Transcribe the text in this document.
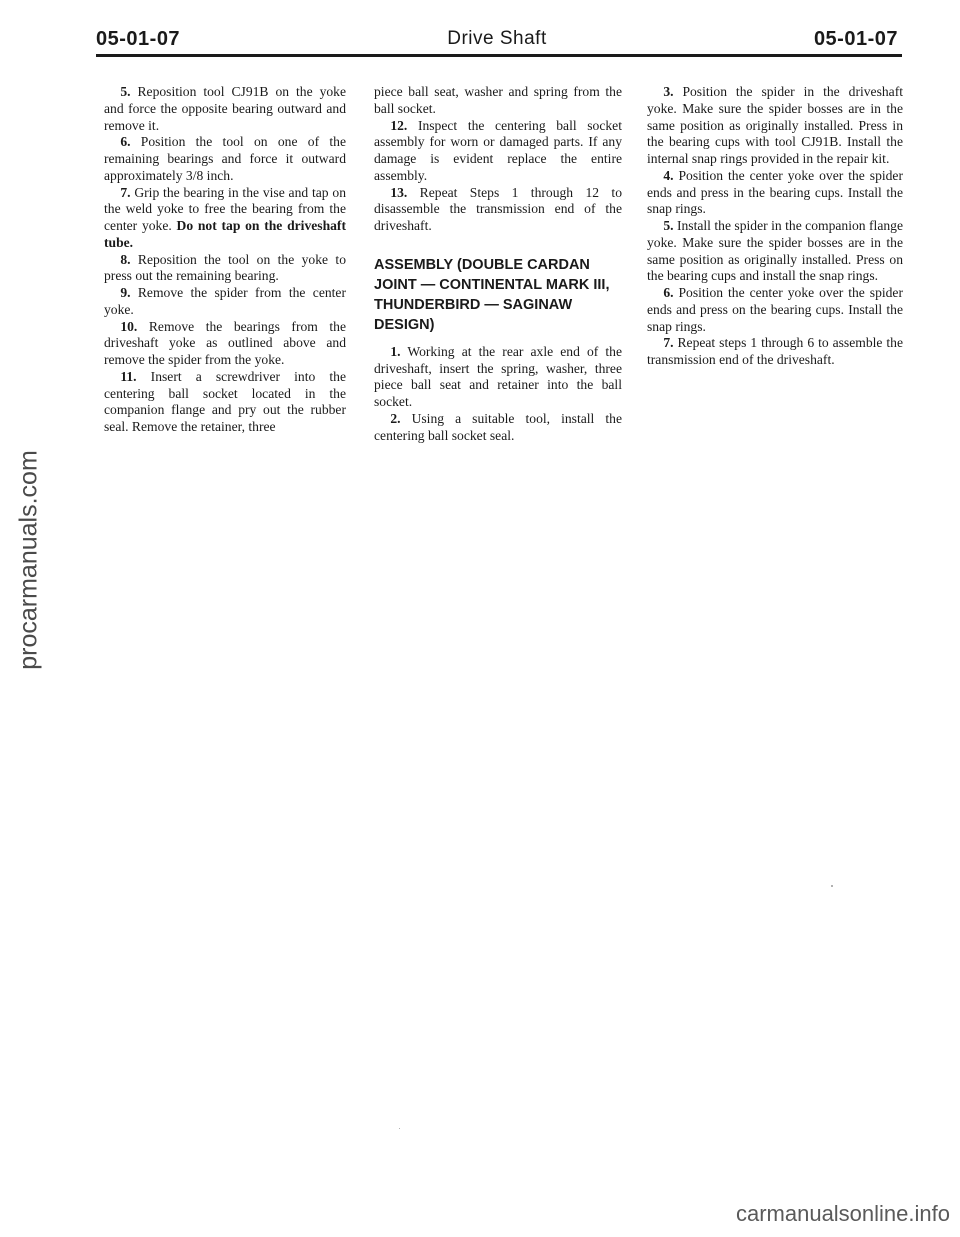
05-01-07	Drive Shaft	05-01-07

5. Reposition tool CJ91B on the yoke and force the opposite bearing outward and remove it.

6. Position the tool on one of the remaining bearings and force it outward approximately 3/8 inch.

7. Grip the bearing in the vise and tap on the weld yoke to free the bearing from the center yoke. Do not tap on the driveshaft tube.

8. Reposition the tool on the yoke to press out the remaining bearing.

9. Remove the spider from the center yoke.

10. Remove the bearings from the driveshaft yoke as outlined above and remove the spider from the yoke.

11. Insert a screwdriver into the centering ball socket located in the companion flange and pry out the rubber seal. Remove the retainer, three

piece ball seat, washer and spring from the ball socket.

12. Inspect the centering ball socket assembly for worn or damaged parts. If any damage is evident replace the entire assembly.

13. Repeat Steps 1 through 12 to disassemble the transmission end of the driveshaft.

ASSEMBLY (DOUBLE CARDAN JOINT — CONTINENTAL MARK III, THUNDERBIRD — SAGINAW DESIGN)

1. Working at the rear axle end of the driveshaft, insert the spring, washer, three piece ball seat and retainer into the ball socket.

2. Using a suitable tool, install the centering ball socket seal.

3. Position the spider in the driveshaft yoke. Make sure the spider bosses are in the same position as originally installed. Press in the bearing cups with tool CJ91B. Install the internal snap rings provided in the repair kit.

4. Position the center yoke over the spider ends and press in the bearing cups. Install the snap rings.

5. Install the spider in the companion flange yoke. Make sure the spider bosses are in the same position as originally installed. Press on the bearing cups and install the snap rings.

6. Position the center yoke over the spider ends and press on the bearing cups. Install the snap rings.

7. Repeat steps 1 through 6 to assemble the transmission end of the driveshaft.

procarmanuals.com
carmanualsonline.info
